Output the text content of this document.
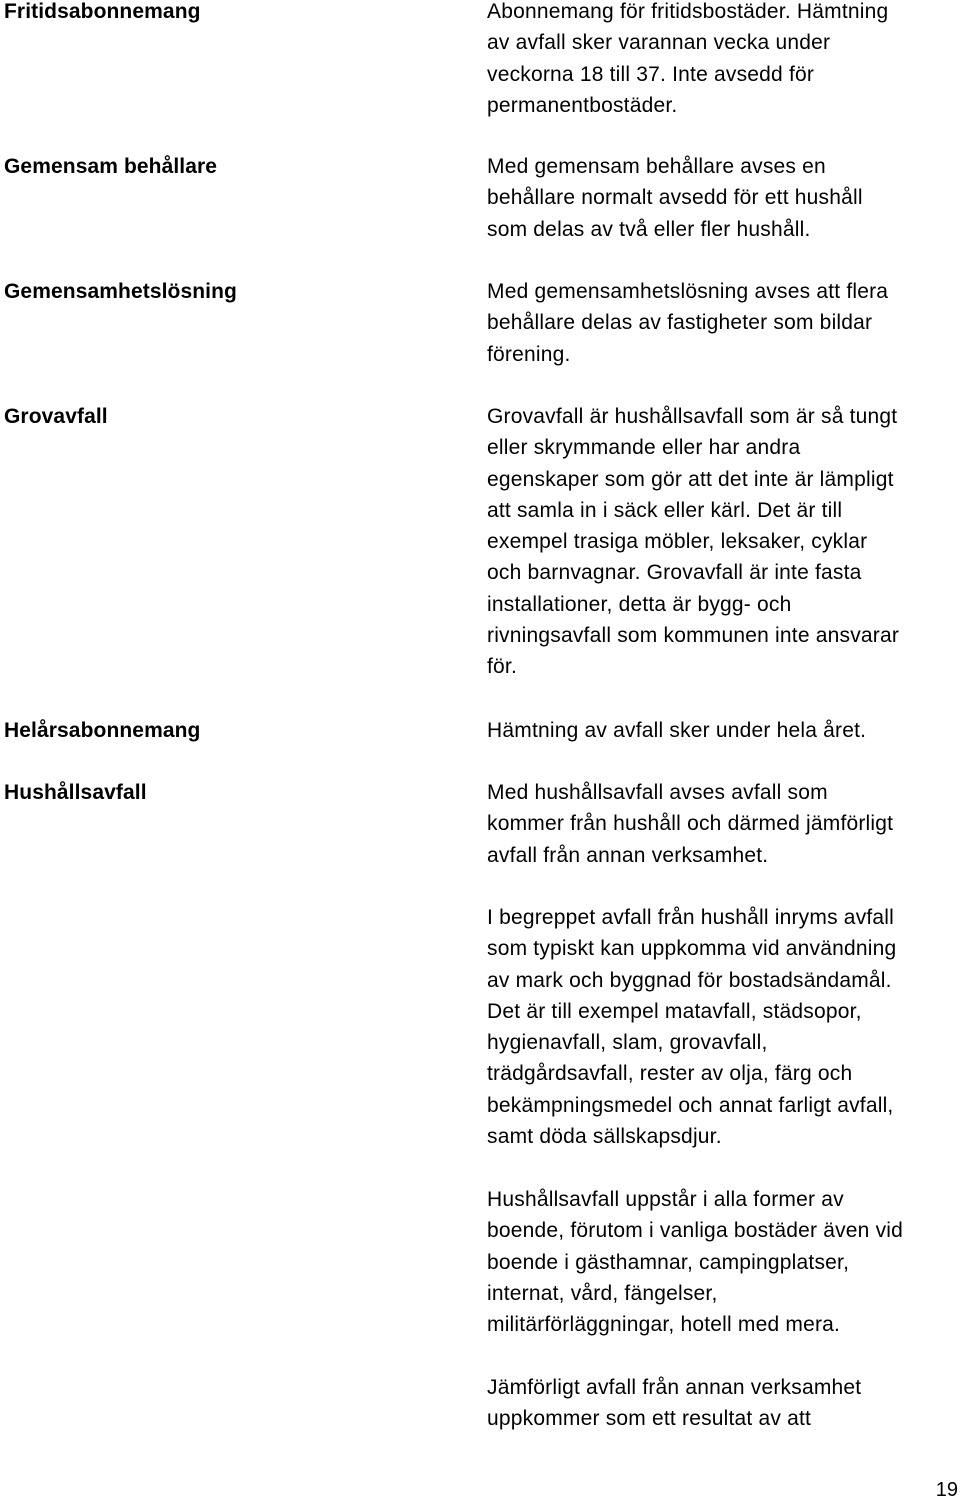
Fritidsabonnemang
Gemensam behållare
Gemensamhetslösning
Grovavfall
Helårsabonnemang
Hushållsavfall
Abonnemang för fritidsbostäder. Hämtning
av avfall sker varannan vecka under
veckorna 18 till 37. Inte avsedd för
permanentbostäder.
Med gemensam behållare avses en
behållare normalt avsedd för ett hushåll
som delas av två eller fler hushåll.
Med gemensamhetslösning avses att flera
behållare delas av fastigheter som bildar
förening.
Grovavfall är hushållsavfall som är så tungt
eller skrymmande eller har andra
egenskaper som gör att det inte är lämpligt
att samla in i säck eller kärl. Det är till
exempel trasiga möbler, leksaker, cyklar
och barnvagnar. Grovavfall är inte fasta
installationer, detta är bygg- och
rivningsavfall som kommunen inte ansvarar
för.
Hämtning av avfall sker under hela året.
Med hushållsavfall avses avfall som
kommer från hushåll och därmed jämförligt
avfall från annan verksamhet.
I begreppet avfall från hushåll inryms avfall
som typiskt kan uppkomma vid användning
av mark och byggnad för bostadsändamål.
Det är till exempel matavfall, städsopor,
hygienavfall, slam, grovavfall,
trädgårdsavfall, rester av olja, färg och
bekämpningsmedel och annat farligt avfall,
samt döda sällskapsdjur.
Hushållsavfall uppstår i alla former av
boende, förutom i vanliga bostäder även vid
boende i gästhamnar, campingplatser,
internat, vård, fängelser,
militärförläggningar, hotell med mera.
Jämförligt avfall från annan verksamhet
uppkommer som ett resultat av att
19
